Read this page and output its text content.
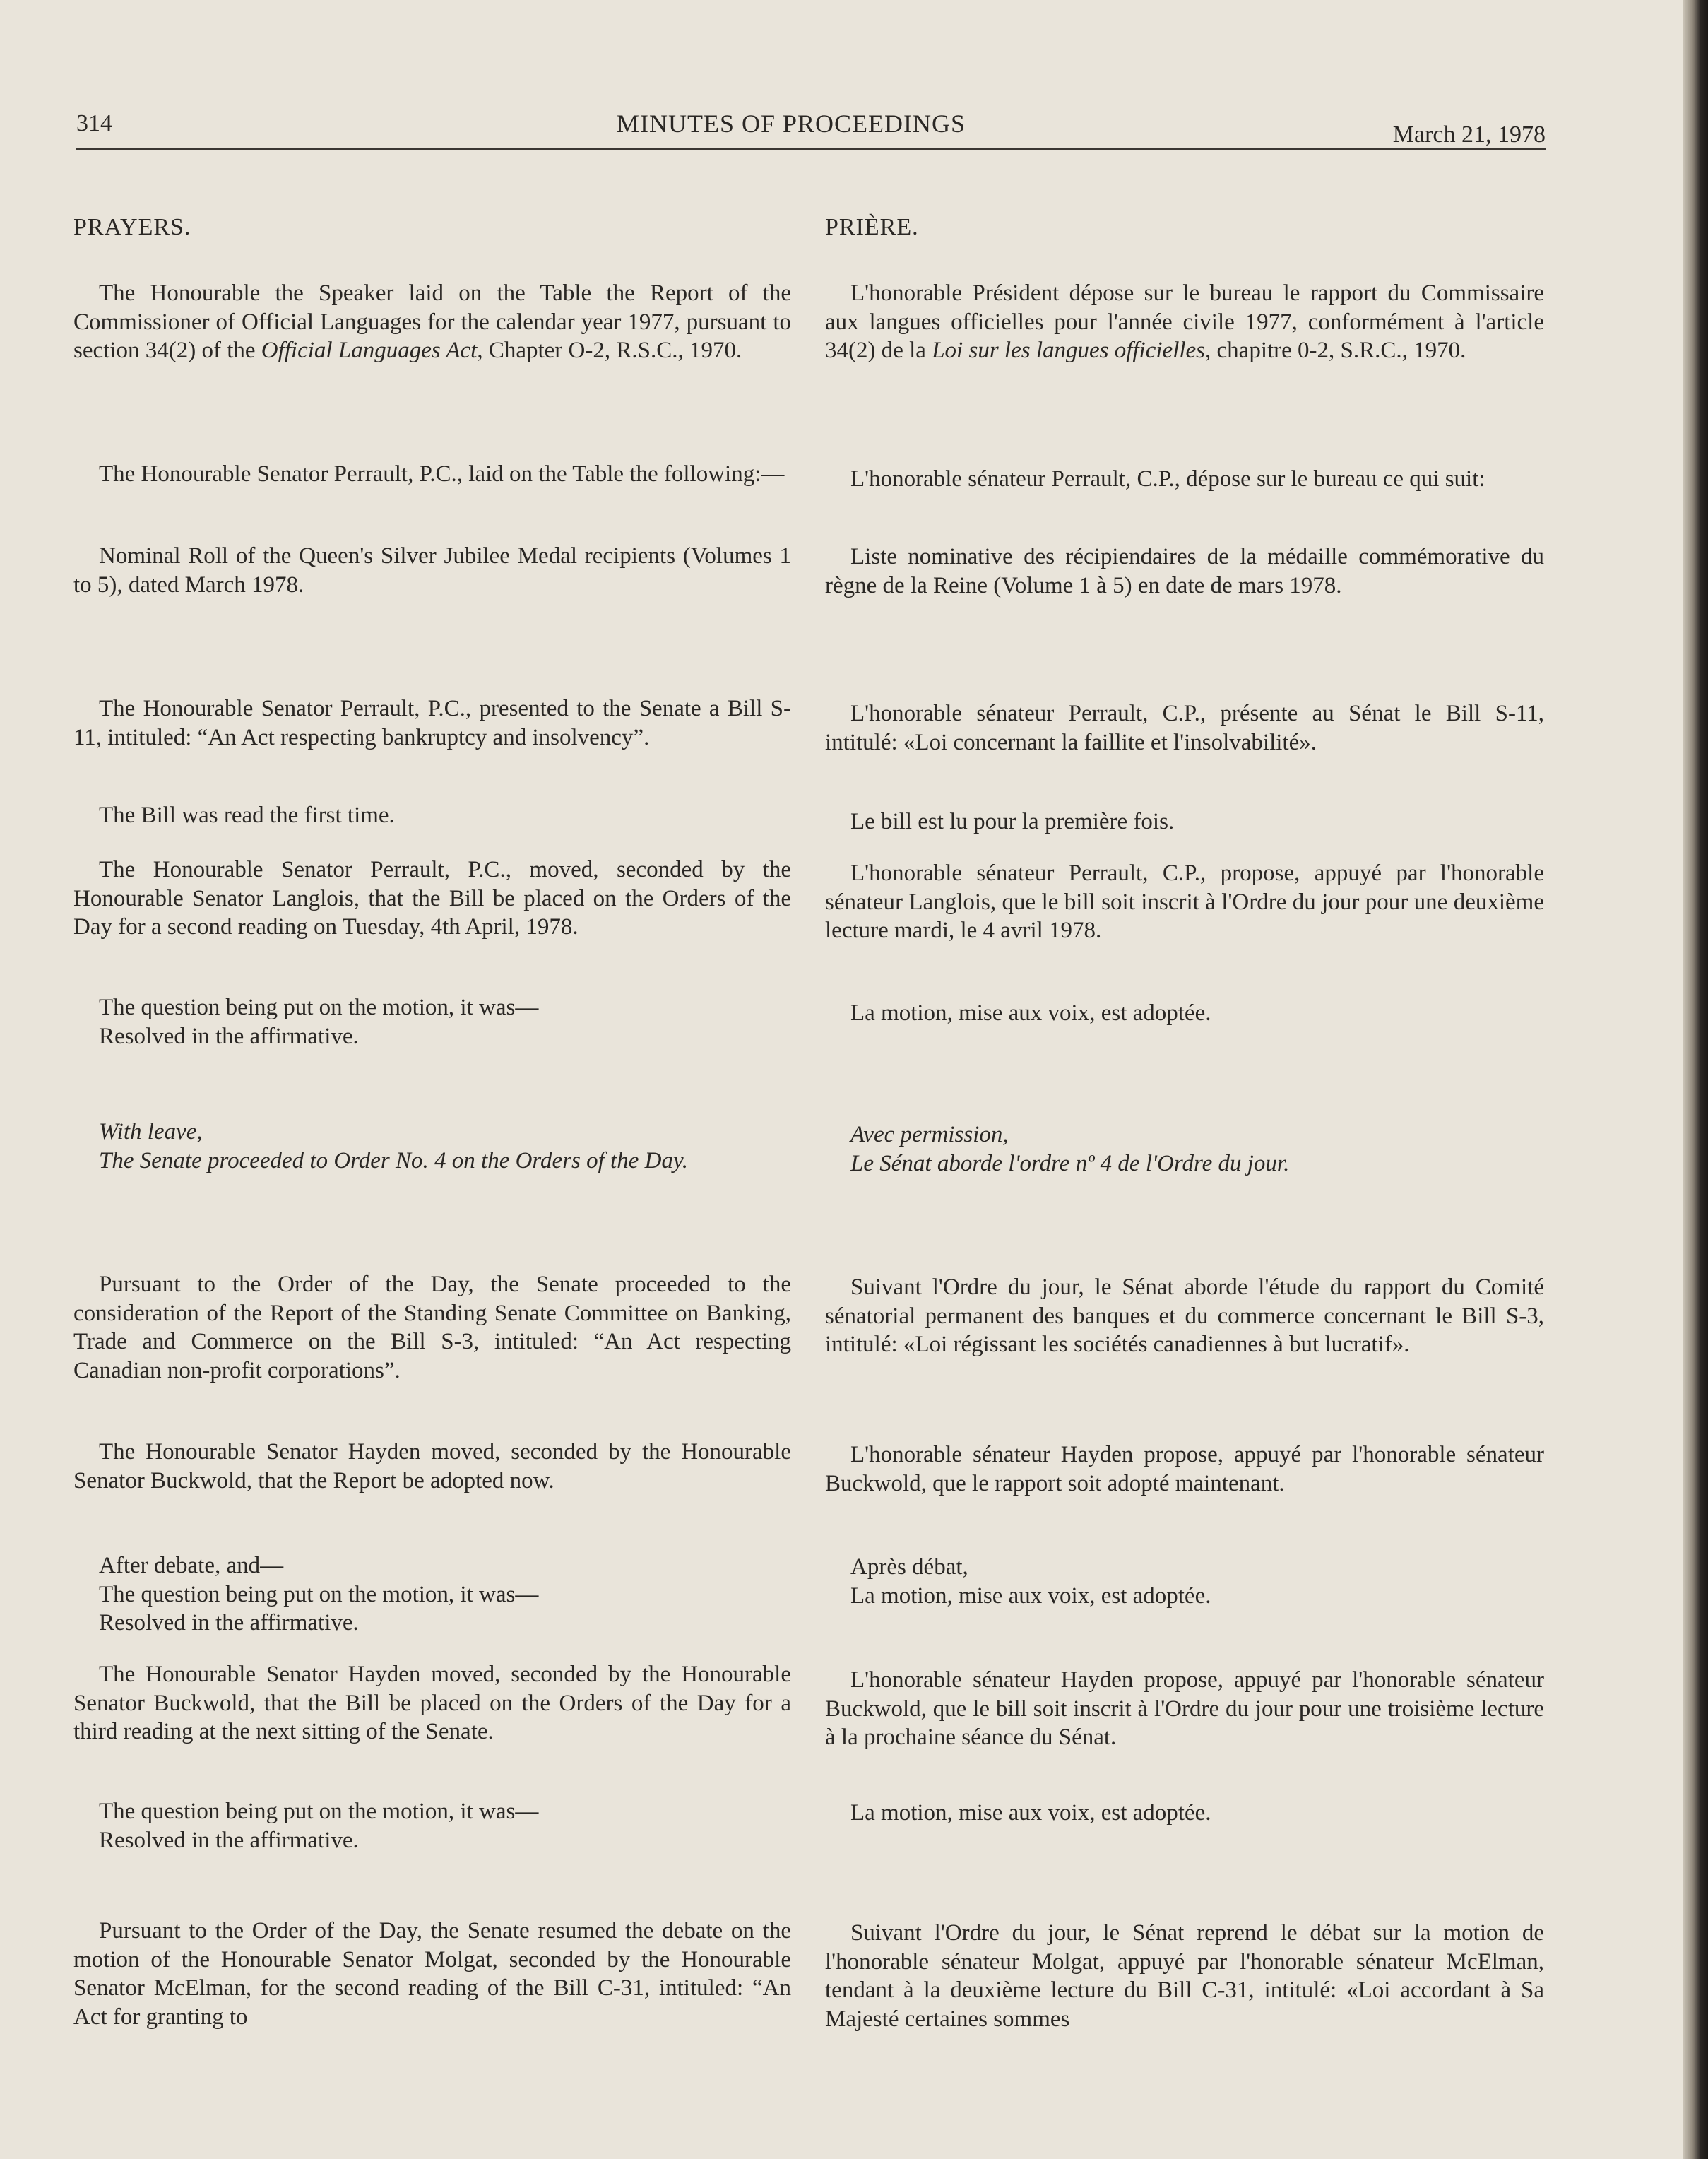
314	MINUTES OF PROCEEDINGS	March 21, 1978

PRAYERS.

The Honourable the Speaker laid on the Table the Report of the Commissioner of Official Languages for the calendar year 1977, pursuant to section 34(2) of the Official Languages Act, Chapter O-2, R.S.C., 1970.

The Honourable Senator Perrault, P.C., laid on the Table the following:—

Nominal Roll of the Queen's Silver Jubilee Medal recipients (Volumes 1 to 5), dated March 1978.

The Honourable Senator Perrault, P.C., presented to the Senate a Bill S-11, intituled: “An Act respecting bankruptcy and insolvency”.

The Bill was read the first time.

The Honourable Senator Perrault, P.C., moved, seconded by the Honourable Senator Langlois, that the Bill be placed on the Orders of the Day for a second reading on Tuesday, 4th April, 1978.

The question being put on the motion, it was—
Resolved in the affirmative.

With leave,
The Senate proceeded to Order No. 4 on the Orders of the Day.

Pursuant to the Order of the Day, the Senate proceeded to the consideration of the Report of the Standing Senate Committee on Banking, Trade and Commerce on the Bill S-3, intituled: “An Act respecting Canadian non-profit corporations”.

The Honourable Senator Hayden moved, seconded by the Honourable Senator Buckwold, that the Report be adopted now.

After debate, and—
The question being put on the motion, it was—
Resolved in the affirmative.

The Honourable Senator Hayden moved, seconded by the Honourable Senator Buckwold, that the Bill be placed on the Orders of the Day for a third reading at the next sitting of the Senate.

The question being put on the motion, it was—
Resolved in the affirmative.

Pursuant to the Order of the Day, the Senate resumed the debate on the motion of the Honourable Senator Molgat, seconded by the Honourable Senator McElman, for the second reading of the Bill C-31, intituled: “An Act for granting to

PRIÈRE.

L'honorable Président dépose sur le bureau le rapport du Commissaire aux langues officielles pour l'année civile 1977, conformément à l'article 34(2) de la Loi sur les langues officielles, chapitre 0-2, S.R.C., 1970.

L'honorable sénateur Perrault, C.P., dépose sur le bureau ce qui suit:

Liste nominative des récipiendaires de la médaille commémorative du règne de la Reine (Volume 1 à 5) en date de mars 1978.

L'honorable sénateur Perrault, C.P., présente au Sénat le Bill S-11, intitulé: «Loi concernant la faillite et l'insolvabilité».

Le bill est lu pour la première fois.

L'honorable sénateur Perrault, C.P., propose, appuyé par l'honorable sénateur Langlois, que le bill soit inscrit à l'Ordre du jour pour une deuxième lecture mardi, le 4 avril 1978.

La motion, mise aux voix, est adoptée.

Avec permission,
Le Sénat aborde l'ordre nº 4 de l'Ordre du jour.

Suivant l'Ordre du jour, le Sénat aborde l'étude du rapport du Comité sénatorial permanent des banques et du commerce concernant le Bill S-3, intitulé: «Loi régissant les sociétés canadiennes à but lucratif».

L'honorable sénateur Hayden propose, appuyé par l'honorable sénateur Buckwold, que le rapport soit adopté maintenant.

Après débat,
La motion, mise aux voix, est adoptée.

L'honorable sénateur Hayden propose, appuyé par l'honorable sénateur Buckwold, que le bill soit inscrit à l'Ordre du jour pour une troisième lecture à la prochaine séance du Sénat.

La motion, mise aux voix, est adoptée.

Suivant l'Ordre du jour, le Sénat reprend le débat sur la motion de l'honorable sénateur Molgat, appuyé par l'honorable sénateur McElman, tendant à la deuxième lecture du Bill C-31, intitulé: «Loi accordant à Sa Majesté certaines sommes
